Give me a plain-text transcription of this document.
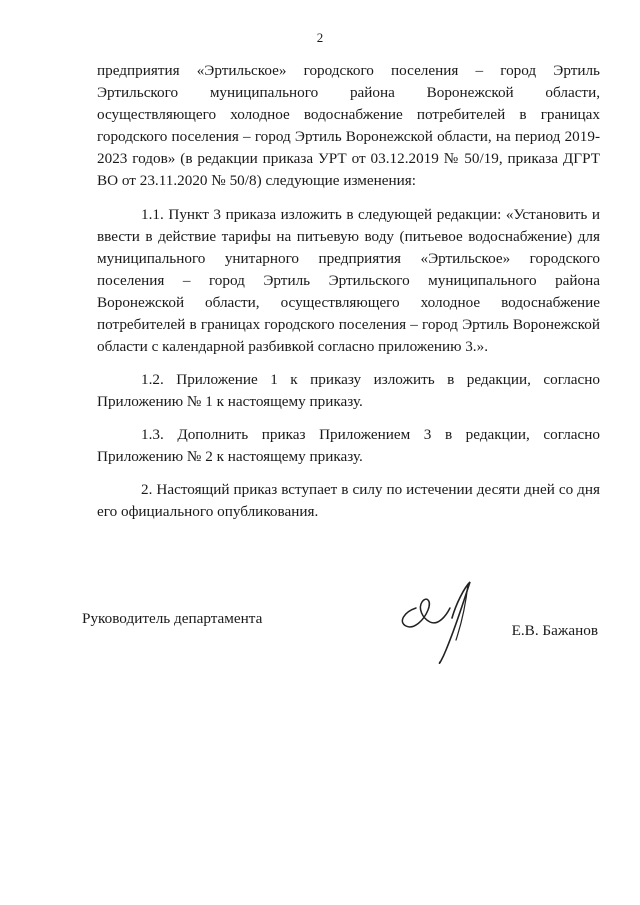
2

предприятия «Эртильское» городского поселения – город Эртиль Эртильского муниципального района Воронежской области, осуществляющего холодное водоснабжение потребителей в границах городского поселения – город Эртиль Воронежской области, на период 2019-2023 годов» (в редакции приказа УРТ от 03.12.2019 № 50/19, приказа ДГРТ ВО от 23.11.2020 № 50/8) следующие изменения:

1.1. Пункт 3 приказа изложить в следующей редакции: «Установить и ввести в действие тарифы на питьевую воду (питьевое водоснабжение) для муниципального унитарного предприятия «Эртильское» городского поселения – город Эртиль Эртильского муниципального района Воронежской области, осуществляющего холодное водоснабжение потребителей в границах городского поселения – город Эртиль Воронежской области с календарной разбивкой согласно приложению 3.».

1.2. Приложение 1 к приказу изложить в редакции, согласно Приложению № 1 к настоящему приказу.

1.3. Дополнить приказ Приложением 3 в редакции, согласно Приложению № 2 к настоящему приказу.

2. Настоящий приказ вступает в силу по истечении десяти дней со дня его официального опубликования.

Руководитель департамента
Е.В. Бажанов
